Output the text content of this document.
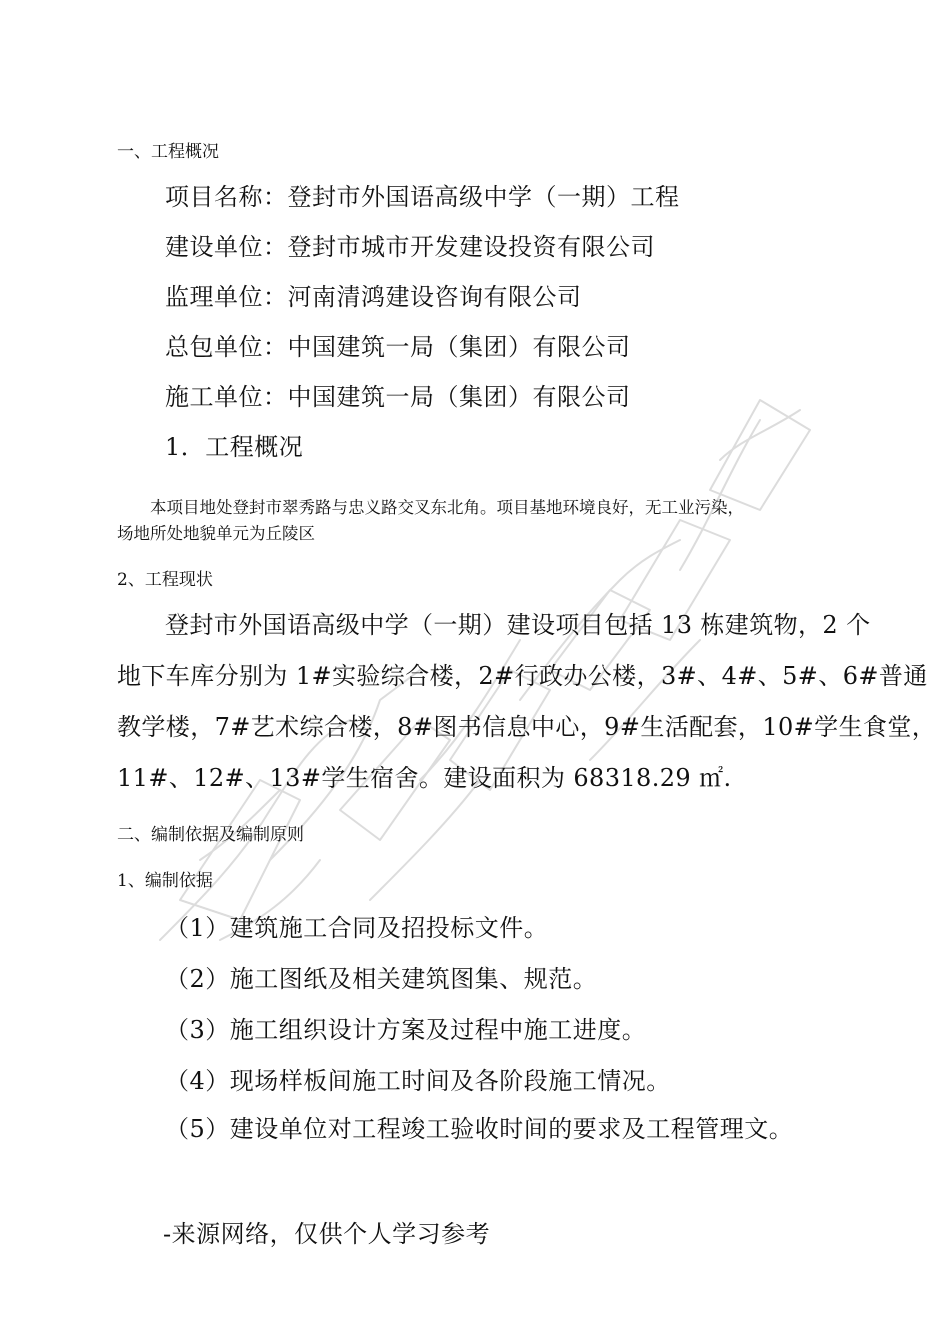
一、工程概况
项目名称：登封市外国语高级中学（一期）工程
建设单位：登封市城市开发建设投资有限公司
监理单位：河南清鸿建设咨询有限公司
总包单位：中国建筑一局（集团）有限公司
施工单位：中国建筑一局（集团）有限公司
1．工程概况
本项目地处登封市翠秀路与忠义路交叉东北角。项目基地环境良好，无工业污染，
场地所处地貌单元为丘陵区
2、工程现状
登封市外国语高级中学（一期）建设项目包括 13 栋建筑物，2 个
地下车库分别为 1#实验综合楼，2#行政办公楼，3#、4#、5#、6#普通
教学楼，7#艺术综合楼，8#图书信息中心，9#生活配套，10#学生食堂，
11#、12#、13#学生宿舍。建设面积为 68318.29 ㎡.
二、编制依据及编制原则
1、编制依据
（1）建筑施工合同及招投标文件。
（2）施工图纸及相关建筑图集、规范。
（3）施工组织设计方案及过程中施工进度。
（4）现场样板间施工时间及各阶段施工情况。
（5）建设单位对工程竣工验收时间的要求及工程管理文。
-来源网络，仅供个人学习参考
